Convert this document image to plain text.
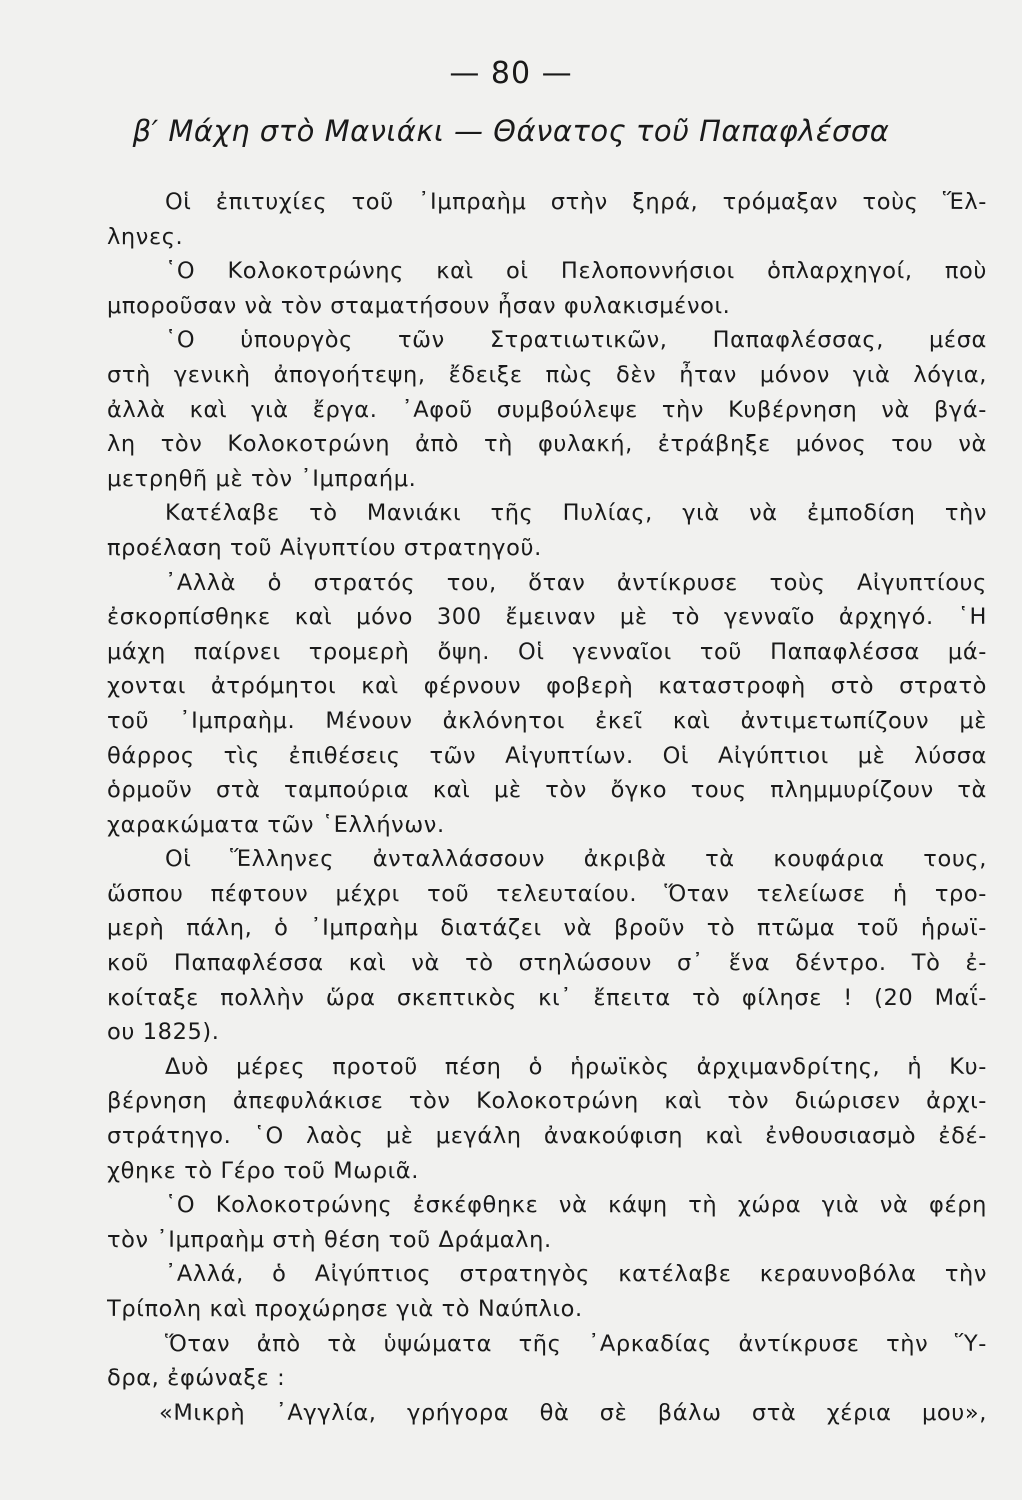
— 80 —
β′ Μάχη στὸ Μανιάκι — Θάνατος τοῦ Παπαφλέσσα
Οἱ ἐπιτυχίες τοῦ ᾿Ιμπραὴμ στὴν ξηρά, τρόμαξαν τοὺς Ἕλ-
ληνες.
῾Ο Κολοκοτρώνης καὶ οἱ Πελοποννήσιοι ὁπλαρχηγοί, ποὺ
μποροῦσαν νὰ τὸν σταματήσουν ἦσαν φυλακισμένοι.
῾Ο ὑπουργὸς τῶν Στρατιωτικῶν, Παπαφλέσσας, μέσα
στὴ γενικὴ ἀπογοήτεψη, ἔδειξε πὼς δὲν ἦταν μόνον γιὰ λόγια,
ἀλλὰ καὶ γιὰ ἔργα. ᾿Αφοῦ συμβούλεψε τὴν Κυβέρνηση νὰ βγά-
λη τὸν Κολοκοτρώνη ἀπὸ τὴ φυλακή, ἐτράβηξε μόνος του νὰ
μετρηθῆ μὲ τὸν ᾿Ιμπραήμ.
Κατέλαβε τὸ Μανιάκι τῆς Πυλίας, γιὰ νὰ ἐμποδίση τὴν
προέλαση τοῦ Αἰγυπτίου στρατηγοῦ.
᾿Αλλὰ ὁ στρατός του, ὅταν ἀντίκρυσε τοὺς Αἰγυπτίους
ἐσκορπίσθηκε καὶ μόνο 300 ἔμειναν μὲ τὸ γενναῖο ἀρχηγό. ῾Η
μάχη παίρνει τρομερὴ ὄψη. Οἱ γενναῖοι τοῦ Παπαφλέσσα μά-
χονται ἀτρόμητοι καὶ φέρνουν φοβερὴ καταστροφὴ στὸ στρατὸ
τοῦ ᾿Ιμπραὴμ. Μένουν ἀκλόνητοι ἐκεῖ καὶ ἀντιμετωπίζουν μὲ
θάρρος τὶς ἐπιθέσεις τῶν Αἰγυπτίων. Οἱ Αἰγύπτιοι μὲ λύσσα
ὁρμοῦν στὰ ταμπούρια καὶ μὲ τὸν ὄγκο τους πλημμυρίζουν τὰ
χαρακώματα τῶν ῾Ελλήνων.
Οἱ Ἕλληνες ἀνταλλάσσουν ἀκριβὰ τὰ κουφάρια τους,
ὥσπου πέφτουν μέχρι τοῦ τελευταίου. Ὅταν τελείωσε ἡ τρο-
μερὴ πάλη, ὁ ᾿Ιμπραὴμ διατάζει νὰ βροῦν τὸ πτῶμα τοῦ ἡρωϊ-
κοῦ Παπαφλέσσα καὶ νὰ τὸ στηλώσουν σ᾿ ἕνα δέντρο. Τὸ ἐ-
κοίταξε πολλὴν ὥρα σκεπτικὸς κι᾿ ἔπειτα τὸ φίλησε ! (20 Μαΐ-
ου 1825).
Δυὸ μέρες προτοῦ πέση ὁ ἡρωϊκὸς ἀρχιμανδρίτης, ἡ Κυ-
βέρνηση ἀπεφυλάκισε τὸν Κολοκοτρώνη καὶ τὸν διώρισεν ἀρχι-
στράτηγο. ῾Ο λαὸς μὲ μεγάλη ἀνακούφιση καὶ ἐνθουσιασμὸ ἐδέ-
χθηκε τὸ Γέρο τοῦ Μωριᾶ.
῾Ο Κολοκοτρώνης ἐσκέφθηκε νὰ κάψη τὴ χώρα γιὰ νὰ φέρη
τὸν ᾿Ιμπραὴμ στὴ θέση τοῦ Δράμαλη.
᾿Αλλά, ὁ Αἰγύπτιος στρατηγὸς κατέλαβε κεραυνοβόλα τὴν
Τρίπολη καὶ προχώρησε γιὰ τὸ Ναύπλιο.
Ὅταν ἀπὸ τὰ ὑψώματα τῆς ᾿Αρκαδίας ἀντίκρυσε τὴν Ὕ-
δρα, ἐφώναξε :
«Μικρὴ ᾿Αγγλία, γρήγορα θὰ σὲ βάλω στὰ χέρια μου»,
